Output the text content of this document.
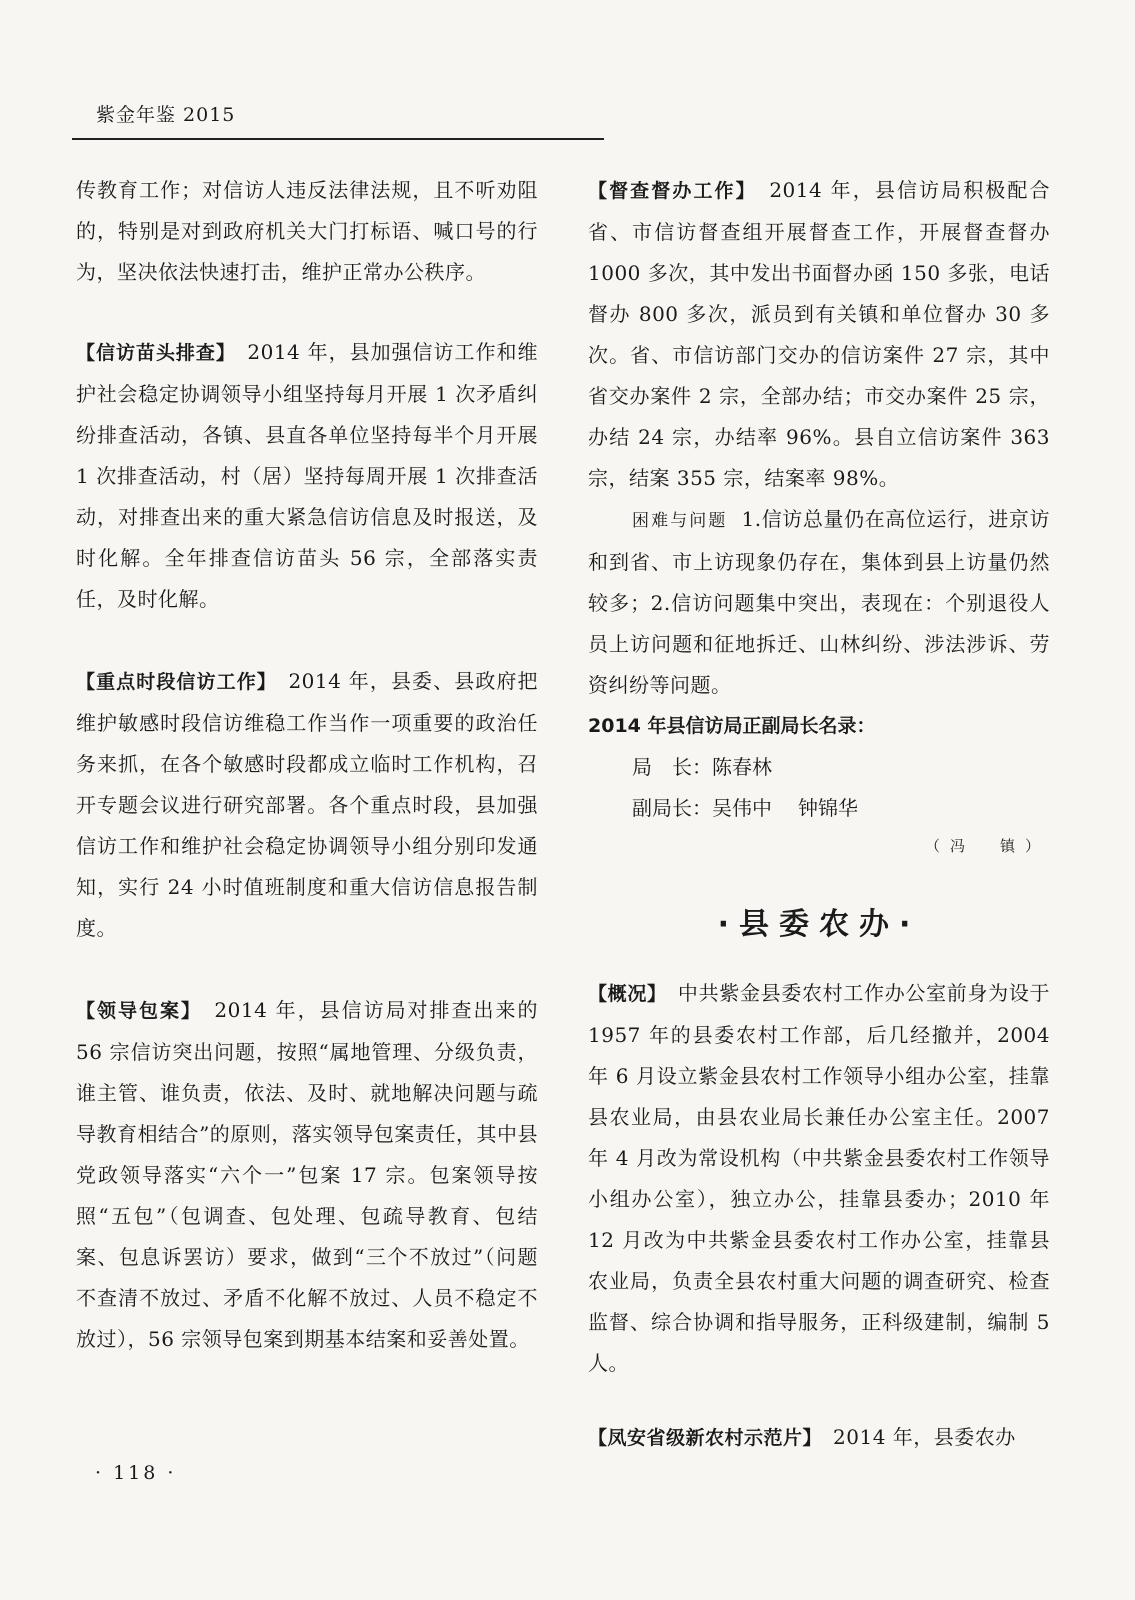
紫金年鉴 2015

传教育工作；对信访人违反法律法规，且不听劝阻的，特别是对到政府机关大门打标语、喊口号的行为，坚决依法快速打击，维护正常办公秩序。

【信访苗头排查】　2014 年，县加强信访工作和维护社会稳定协调领导小组坚持每月开展 1 次矛盾纠纷排查活动，各镇、县直各单位坚持每半个月开展 1 次排查活动，村（居）坚持每周开展 1 次排查活动，对排查出来的重大紧急信访信息及时报送，及时化解。全年排查信访苗头 56 宗，全部落实责任，及时化解。

【重点时段信访工作】　2014 年，县委、县政府把维护敏感时段信访维稳工作当作一项重要的政治任务来抓，在各个敏感时段都成立临时工作机构，召开专题会议进行研究部署。各个重点时段，县加强信访工作和维护社会稳定协调领导小组分别印发通知，实行 24 小时值班制度和重大信访信息报告制度。

【领导包案】　2014 年，县信访局对排查出来的 56 宗信访突出问题，按照“属地管理、分级负责，谁主管、谁负责，依法、及时、就地解决问题与疏导教育相结合”的原则，落实领导包案责任，其中县党政领导落实“六个一”包案 17 宗。包案领导按照“五包”（包调查、包处理、包疏导教育、包结案、包息诉罢访）要求，做到“三个不放过”（问题不查清不放过、矛盾不化解不放过、人员不稳定不放过），56 宗领导包案到期基本结案和妥善处置。

【督查督办工作】　2014 年，县信访局积极配合省、市信访督查组开展督查工作，开展督查督办 1000 多次，其中发出书面督办函 150 多张，电话督办 800 多次，派员到有关镇和单位督办 30 多次。省、市信访部门交办的信访案件 27 宗，其中省交办案件 2 宗，全部办结；市交办案件 25 宗，办结 24 宗，办结率 96%。县自立信访案件 363 宗，结案 355 宗，结案率 98%。

困难与问题 1.信访总量仍在高位运行，进京访和到省、市上访现象仍存在，集体到县上访量仍然较多；2.信访问题集中突出，表现在：个别退役人员上访问题和征地拆迁、山林纠纷、涉法涉诉、劳资纠纷等问题。

2014 年县信访局正副局长名录：

局　长：陈春林

副局长：吴伟中 钟锦华

（冯　镇）

·县委农办·

【概况】　中共紫金县委农村工作办公室前身为设于 1957 年的县委农村工作部，后几经撤并，2004 年 6 月设立紫金县农村工作领导小组办公室，挂靠县农业局，由县农业局长兼任办公室主任。2007 年 4 月改为常设机构（中共紫金县委农村工作领导小组办公室），独立办公，挂靠县委办；2010 年 12 月改为中共紫金县委农村工作办公室，挂靠县农业局，负责全县农村重大问题的调查研究、检查监督、综合协调和指导服务，正科级建制，编制 5 人。

【凤安省级新农村示范片】　2014 年，县委农办

· 118 ·
